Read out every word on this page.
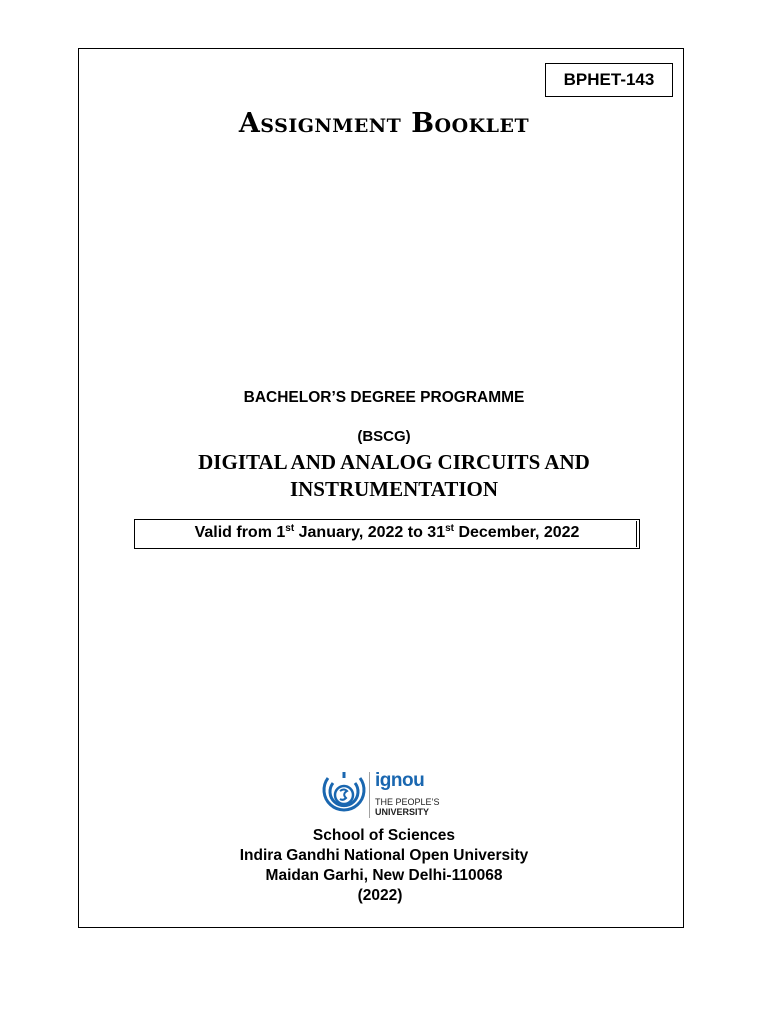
BPHET-143
Assignment Booklet
BACHELOR’S DEGREE PROGRAMME
(BSCG)
DIGITAL AND ANALOG CIRCUITS AND
INSTRUMENTATION
Valid from 1st January, 2022 to 31st December, 2022
ignou
THE PEOPLE’S
UNIVERSITY
School of Sciences
Indira Gandhi National Open University
Maidan Garhi, New Delhi-110068
(2022)
